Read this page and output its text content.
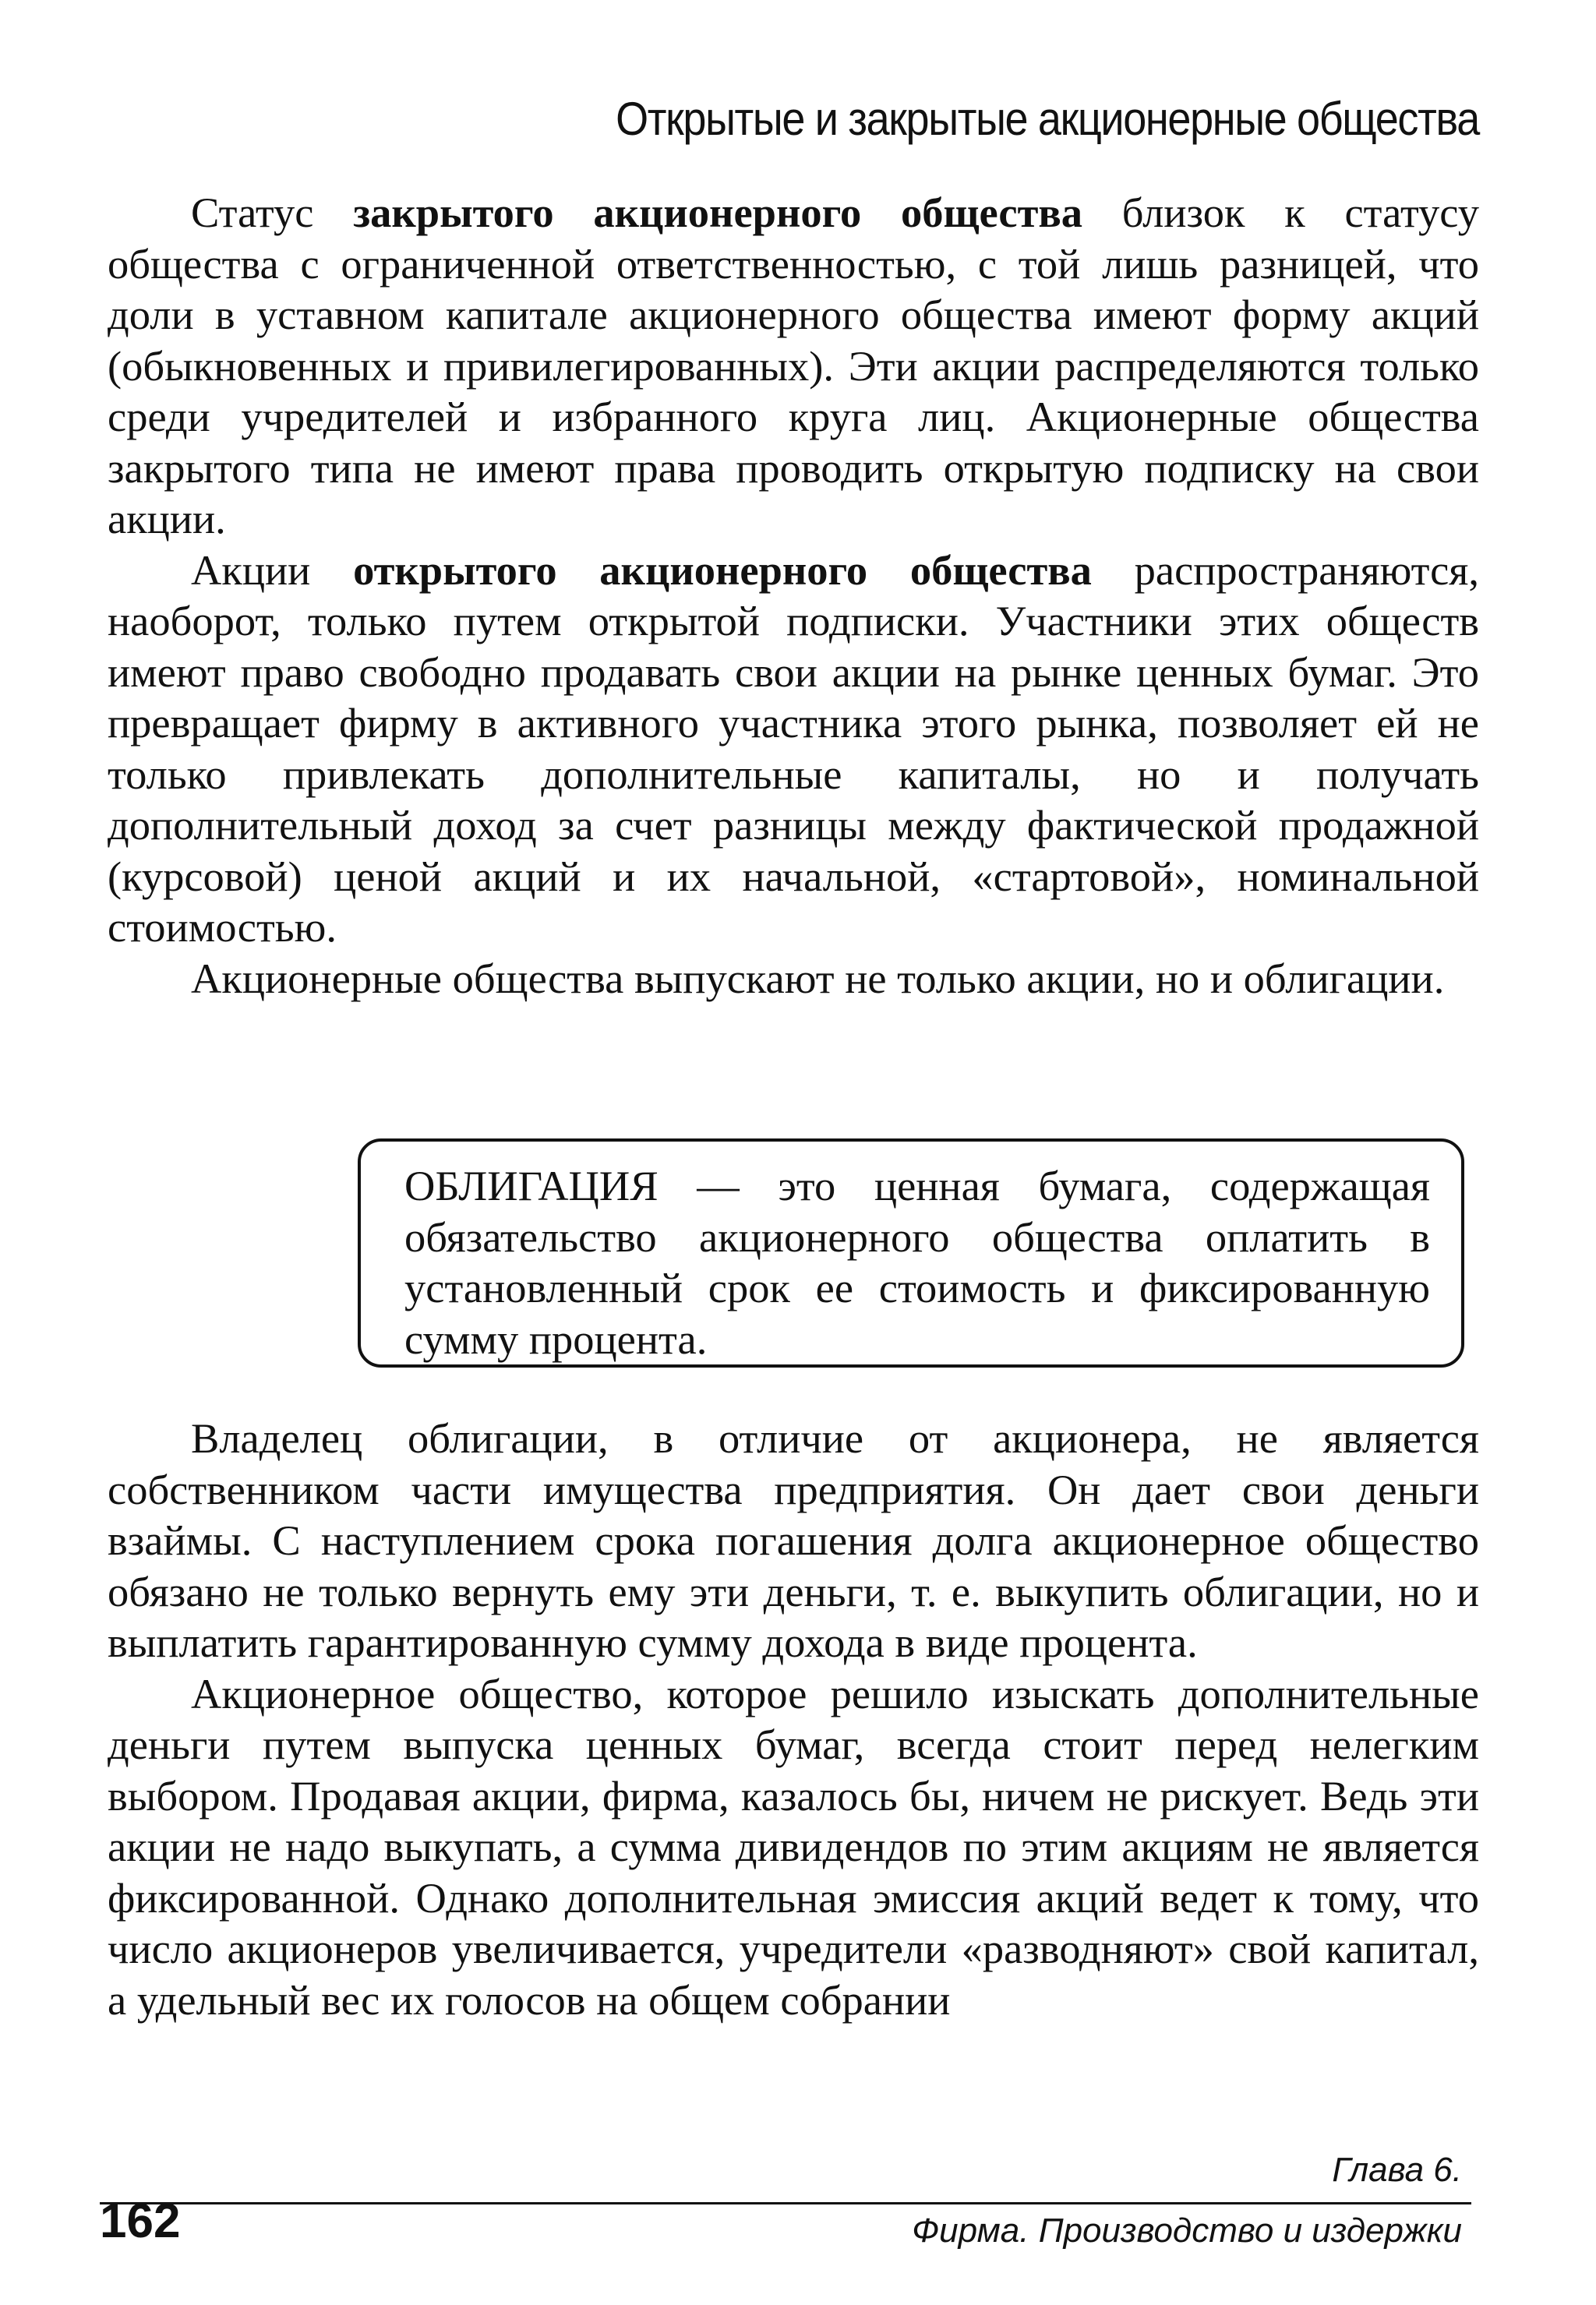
Открытые и закрытые акционерные общества

Статус закрытого акционерного общества близок к статусу общества с ограниченной ответственностью, с той лишь разницей, что доли в уставном капитале акционерного общества имеют форму акций (обыкновенных и привилегированных). Эти акции распределяются только среди учредителей и избранного круга лиц. Акционерные общества закрытого типа не имеют права проводить открытую подписку на свои акции.

Акции открытого акционерного общества распространяются, наоборот, только путем открытой подписки. Участники этих обществ имеют право свободно продавать свои акции на рынке ценных бумаг. Это превращает фирму в активного участника этого рынка, позволяет ей не только привлекать дополнительные капиталы, но и получать дополнительный доход за счет разницы между фактической продажной (курсовой) ценой акций и их начальной, «стартовой», номинальной стоимостью.

Акционерные общества выпускают не только акции, но и облигации.

ОБЛИГАЦИЯ — это ценная бумага, содержащая обязательство акционерного общества оплатить в установленный срок ее стоимость и фиксированную сумму процента.

Владелец облигации, в отличие от акционера, не является собственником части имущества предприятия. Он дает свои деньги взаймы. С наступлением срока погашения долга акционерное общество обязано не только вернуть ему эти деньги, т. е. выкупить облигации, но и выплатить гарантированную сумму дохода в виде процента.

Акционерное общество, которое решило изыскать дополнительные деньги путем выпуска ценных бумаг, всегда стоит перед нелегким выбором. Продавая акции, фирма, казалось бы, ничем не рискует. Ведь эти акции не надо выкупать, а сумма дивидендов по этим акциям не является фиксированной. Однако дополнительная эмиссия акций ведет к тому, что число акционеров увеличивается, учредители «разводняют» свой капитал, а удельный вес их голосов на общем собрании

Глава 6.
162	Фирма. Производство и издержки
